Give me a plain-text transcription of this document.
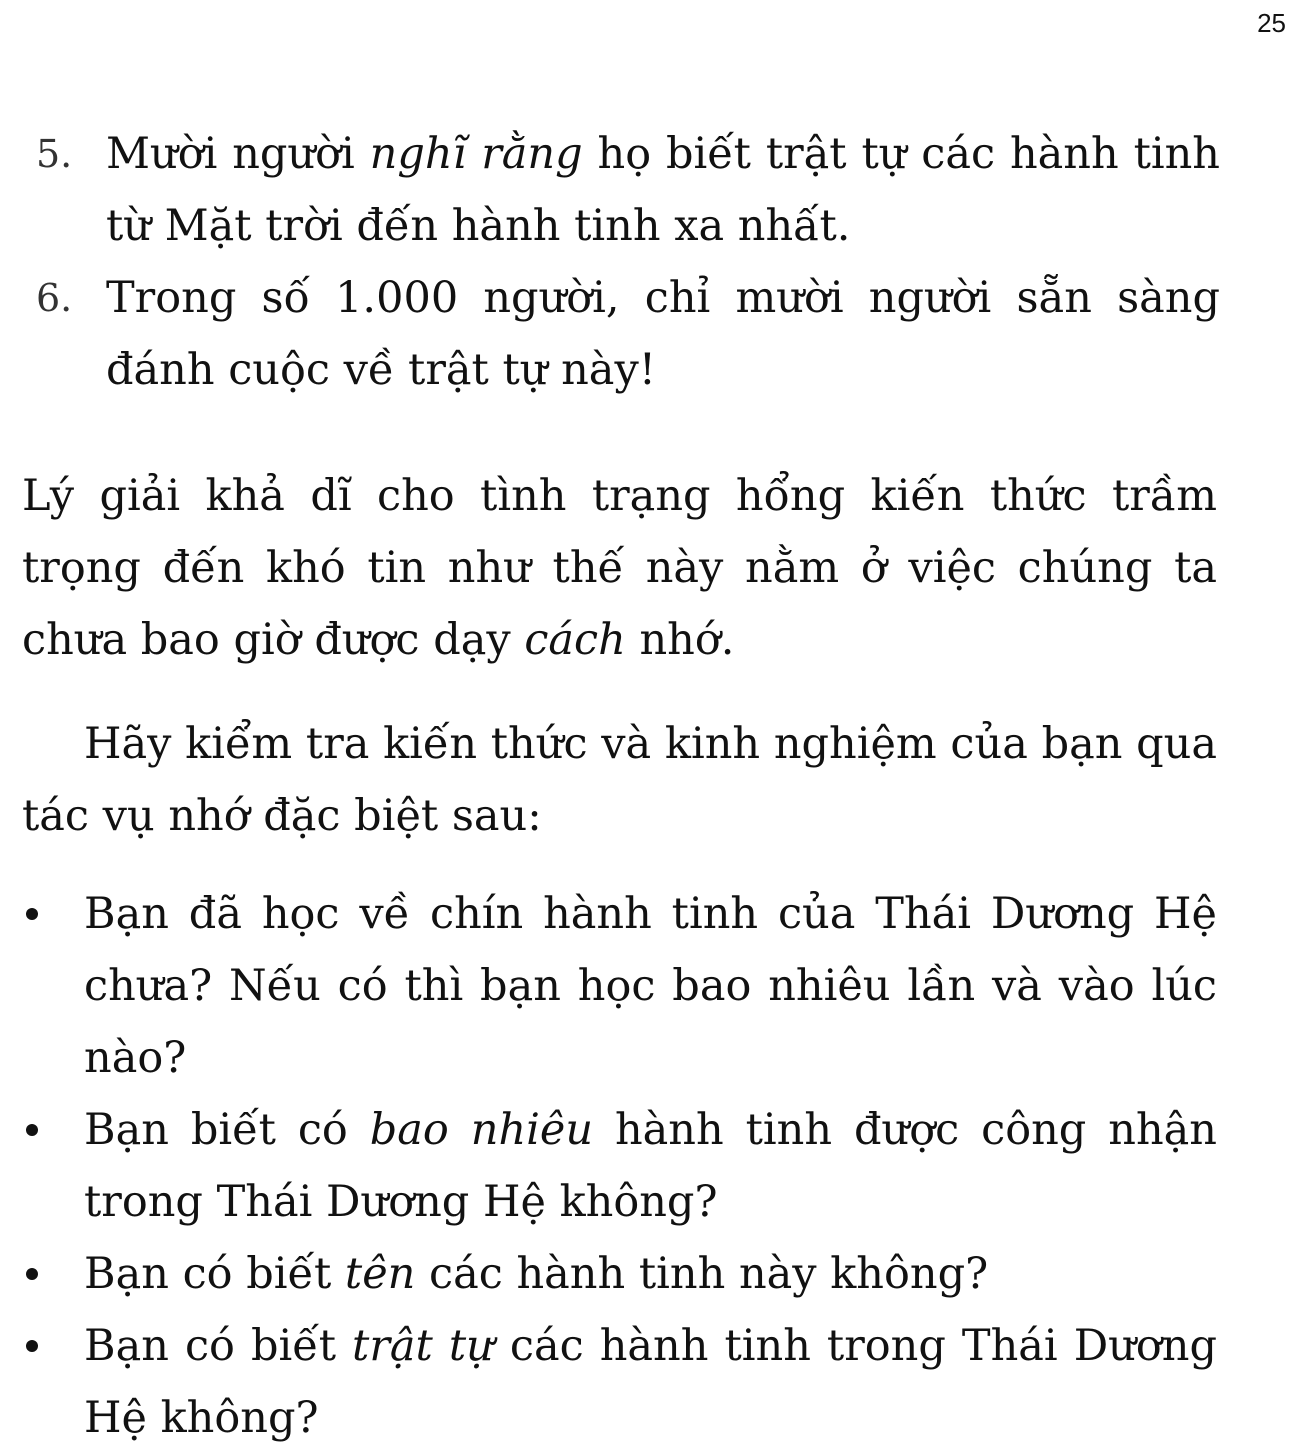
25
5. Mười người nghĩ rằng họ biết trật tự các hành tinh từ Mặt trời đến hành tinh xa nhất.
6. Trong số 1.000 người, chỉ mười người sẵn sàng đánh cuộc về trật tự này!

Lý giải khả dĩ cho tình trạng hổng kiến thức trầm trọng đến khó tin như thế này nằm ở việc chúng ta chưa bao giờ được dạy cách nhớ.

Hãy kiểm tra kiến thức và kinh nghiệm của bạn qua tác vụ nhớ đặc biệt sau:

Bạn đã học về chín hành tinh của Thái Dương Hệ chưa? Nếu có thì bạn học bao nhiêu lần và vào lúc nào?
Bạn biết có bao nhiêu hành tinh được công nhận trong Thái Dương Hệ không?
Bạn có biết tên các hành tinh này không?
Bạn có biết trật tự các hành tinh trong Thái Dương Hệ không?
